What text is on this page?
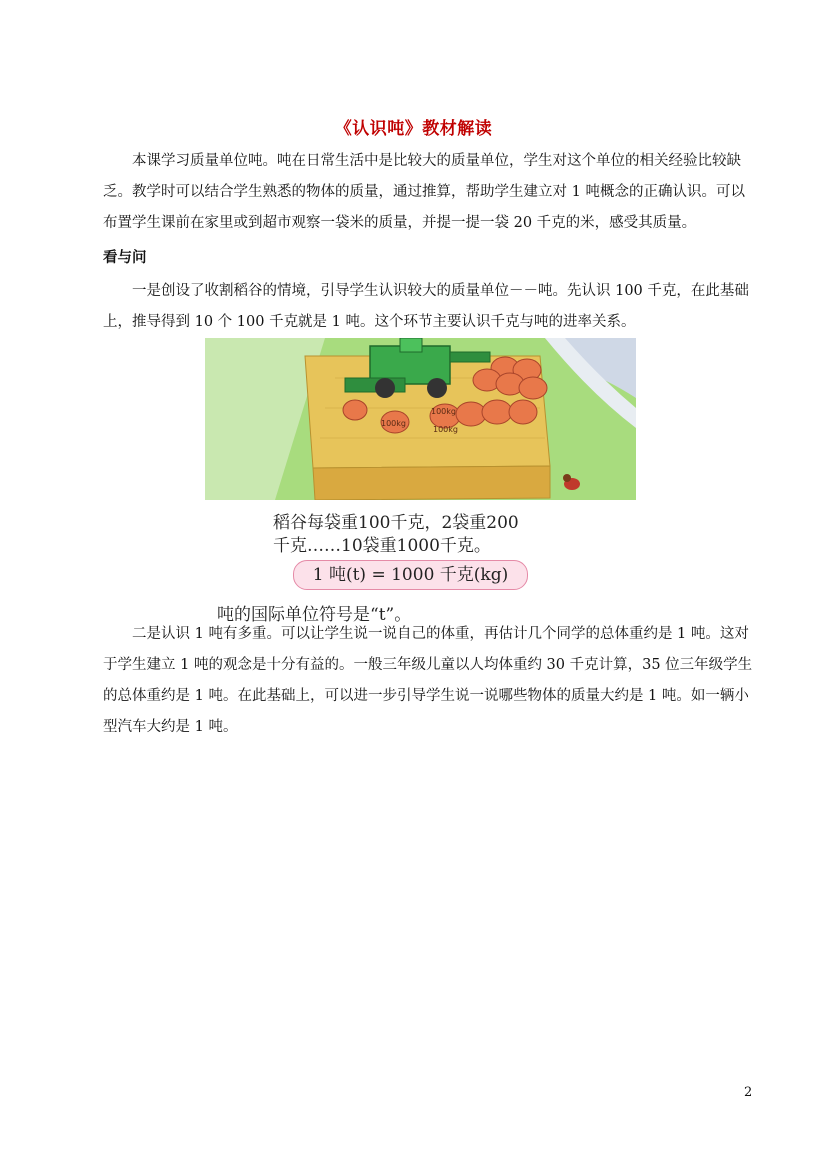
《认识吨》教材解读

　　本课学习质量单位吨。吨在日常生活中是比较大的质量单位，学生对这个单位的相关经验比较缺乏。教学时可以结合学生熟悉的物体的质量，通过推算，帮助学生建立对 1 吨概念的正确认识。可以布置学生课前在家里或到超市观察一袋米的质量，并提一提一袋 20 千克的米，感受其质量。

看与问

　　一是创设了收割稻谷的情境，引导学生认识较大的质量单位－－吨。先认识 100 千克，在此基础上，推导得到 10 个 100 千克就是 1 吨。这个环节主要认识千克与吨的进率关系。

100kg
100kg
100kg
稻谷每袋重100千克，2袋重200
千克……10袋重1000千克。
1 吨(t) = 1000 千克(kg)
吨的国际单位符号是“t”。

　　二是认识 1 吨有多重。可以让学生说一说自己的体重，再估计几个同学的总体重约是 1 吨。这对于学生建立 1 吨的观念是十分有益的。一般三年级儿童以人均体重约 30 千克计算，35 位三年级学生的总体重约是 1 吨。在此基础上，可以进一步引导学生说一说哪些物体的质量大约是 1 吨。如一辆小型汽车大约是 1 吨。

2
